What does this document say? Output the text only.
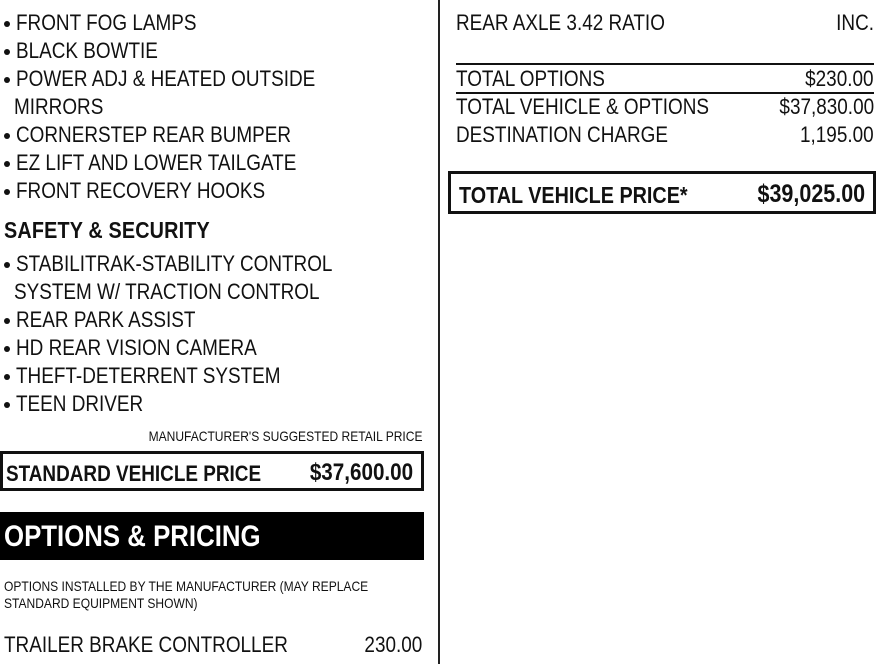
FRONT FOG LAMPS
BLACK BOWTIE
POWER ADJ & HEATED OUTSIDE
MIRRORS
CORNERSTEP REAR BUMPER
EZ LIFT AND LOWER TAILGATE
FRONT RECOVERY HOOKS
SAFETY & SECURITY
STABILITRAK-STABILITY CONTROL
SYSTEM W/ TRACTION CONTROL
REAR PARK ASSIST
HD REAR VISION CAMERA
THEFT-DETERRENT SYSTEM
TEEN DRIVER
MANUFACTURER'S SUGGESTED RETAIL PRICE
STANDARD VEHICLE PRICE	$37,600.00
OPTIONS & PRICING
OPTIONS INSTALLED BY THE MANUFACTURER (MAY REPLACE
STANDARD EQUIPMENT SHOWN)
TRAILER BRAKE CONTROLLER	230.00
REAR AXLE 3.42 RATIO	INC.
TOTAL OPTIONS	$230.00
TOTAL VEHICLE & OPTIONS	$37,830.00
DESTINATION CHARGE	1,195.00
TOTAL VEHICLE PRICE*	$39,025.00
